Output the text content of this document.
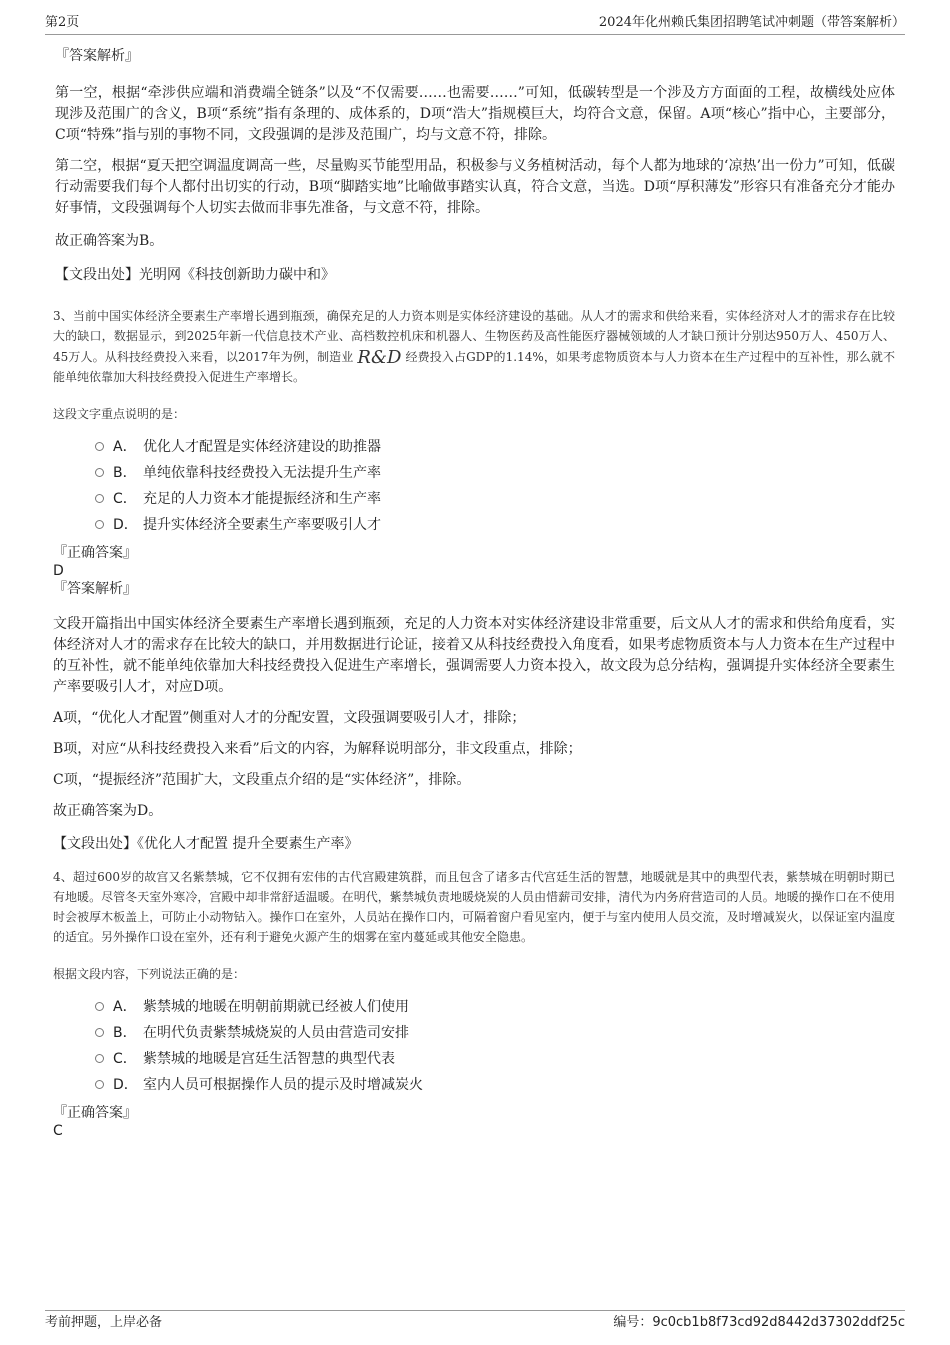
第2页	2024年化州赖氏集团招聘笔试冲刺题（带答案解析）

『答案解析』

第一空，根据“牵涉供应端和消费端全链条”以及“不仅需要……也需要……”可知，低碳转型是一个涉及方方面面的工程，故横线处应体现涉及范围广的含义，B项“系统”指有条理的、成体系的，D项“浩大”指规模巨大，均符合文意，保留。A项“核心”指中心，主要部分，C项“特殊”指与别的事物不同，文段强调的是涉及范围广，均与文意不符，排除。

第二空，根据“夏天把空调温度调高一些，尽量购买节能型用品，积极参与义务植树活动，每个人都为地球的‘凉热’出一份力”可知，低碳行动需要我们每个人都付出切实的行动，B项“脚踏实地”比喻做事踏实认真，符合文意，当选。D项“厚积薄发”形容只有准备充分才能办好事情，文段强调每个人切实去做而非事先准备，与文意不符，排除。

故正确答案为B。

【文段出处】光明网《科技创新助力碳中和》

3、当前中国实体经济全要素生产率增长遇到瓶颈，确保充足的人力资本则是实体经济建设的基础。从人才的需求和供给来看，实体经济对人才的需求存在比较大的缺口，数据显示，到2025年新一代信息技术产业、高档数控机床和机器人、生物医药及高性能医疗器械领域的人才缺口预计分别达950万人、450万人、45万人。从科技经费投入来看，以2017年为例，制造业 R&D 经费投入占GDP的1.14%，如果考虑物质资本与人力资本在生产过程中的互补性，那么就不能单纯依靠加大科技经费投入促进生产率增长。

这段文字重点说明的是：

A． 优化人才配置是实体经济建设的助推器
B． 单纯依靠科技经费投入无法提升生产率
C． 充足的人力资本才能提振经济和生产率
D． 提升实体经济全要素生产率要吸引人才

『正确答案』

D

『答案解析』

文段开篇指出中国实体经济全要素生产率增长遇到瓶颈，充足的人力资本对实体经济建设非常重要，后文从人才的需求和供给角度看，实体经济对人才的需求存在比较大的缺口，并用数据进行论证，接着又从科技经费投入角度看，如果考虑物质资本与人力资本在生产过程中的互补性，就不能单纯依靠加大科技经费投入促进生产率增长，强调需要人力资本投入，故文段为总分结构，强调提升实体经济全要素生产率要吸引人才，对应D项。

A项，“优化人才配置”侧重对人才的分配安置，文段强调要吸引人才，排除；

B项，对应“从科技经费投入来看”后文的内容，为解释说明部分，非文段重点，排除；

C项，“提振经济”范围扩大，文段重点介绍的是“实体经济”，排除。

故正确答案为D。

【文段出处】《优化人才配置 提升全要素生产率》

4、超过600岁的故宫又名紫禁城，它不仅拥有宏伟的古代宫殿建筑群，而且包含了诸多古代宫廷生活的智慧，地暖就是其中的典型代表，紫禁城在明朝时期已有地暖。尽管冬天室外寒冷，宫殿中却非常舒适温暖。在明代，紫禁城负责地暖烧炭的人员由惜薪司安排，清代为内务府营造司的人员。地暖的操作口在不使用时会被厚木板盖上，可防止小动物钻入。操作口在室外，人员站在操作口内，可隔着窗户看见室内，便于与室内使用人员交流，及时增减炭火，以保证室内温度的适宜。另外操作口设在室外，还有利于避免火源产生的烟雾在室内蔓延或其他安全隐患。

根据文段内容，下列说法正确的是：

A． 紫禁城的地暖在明朝前期就已经被人们使用
B． 在明代负责紫禁城烧炭的人员由营造司安排
C． 紫禁城的地暖是宫廷生活智慧的典型代表
D． 室内人员可根据操作人员的提示及时增减炭火

『正确答案』

C

考前押题，上岸必备	编号：9c0cb1b8f73cd92d8442d37302ddf25c
